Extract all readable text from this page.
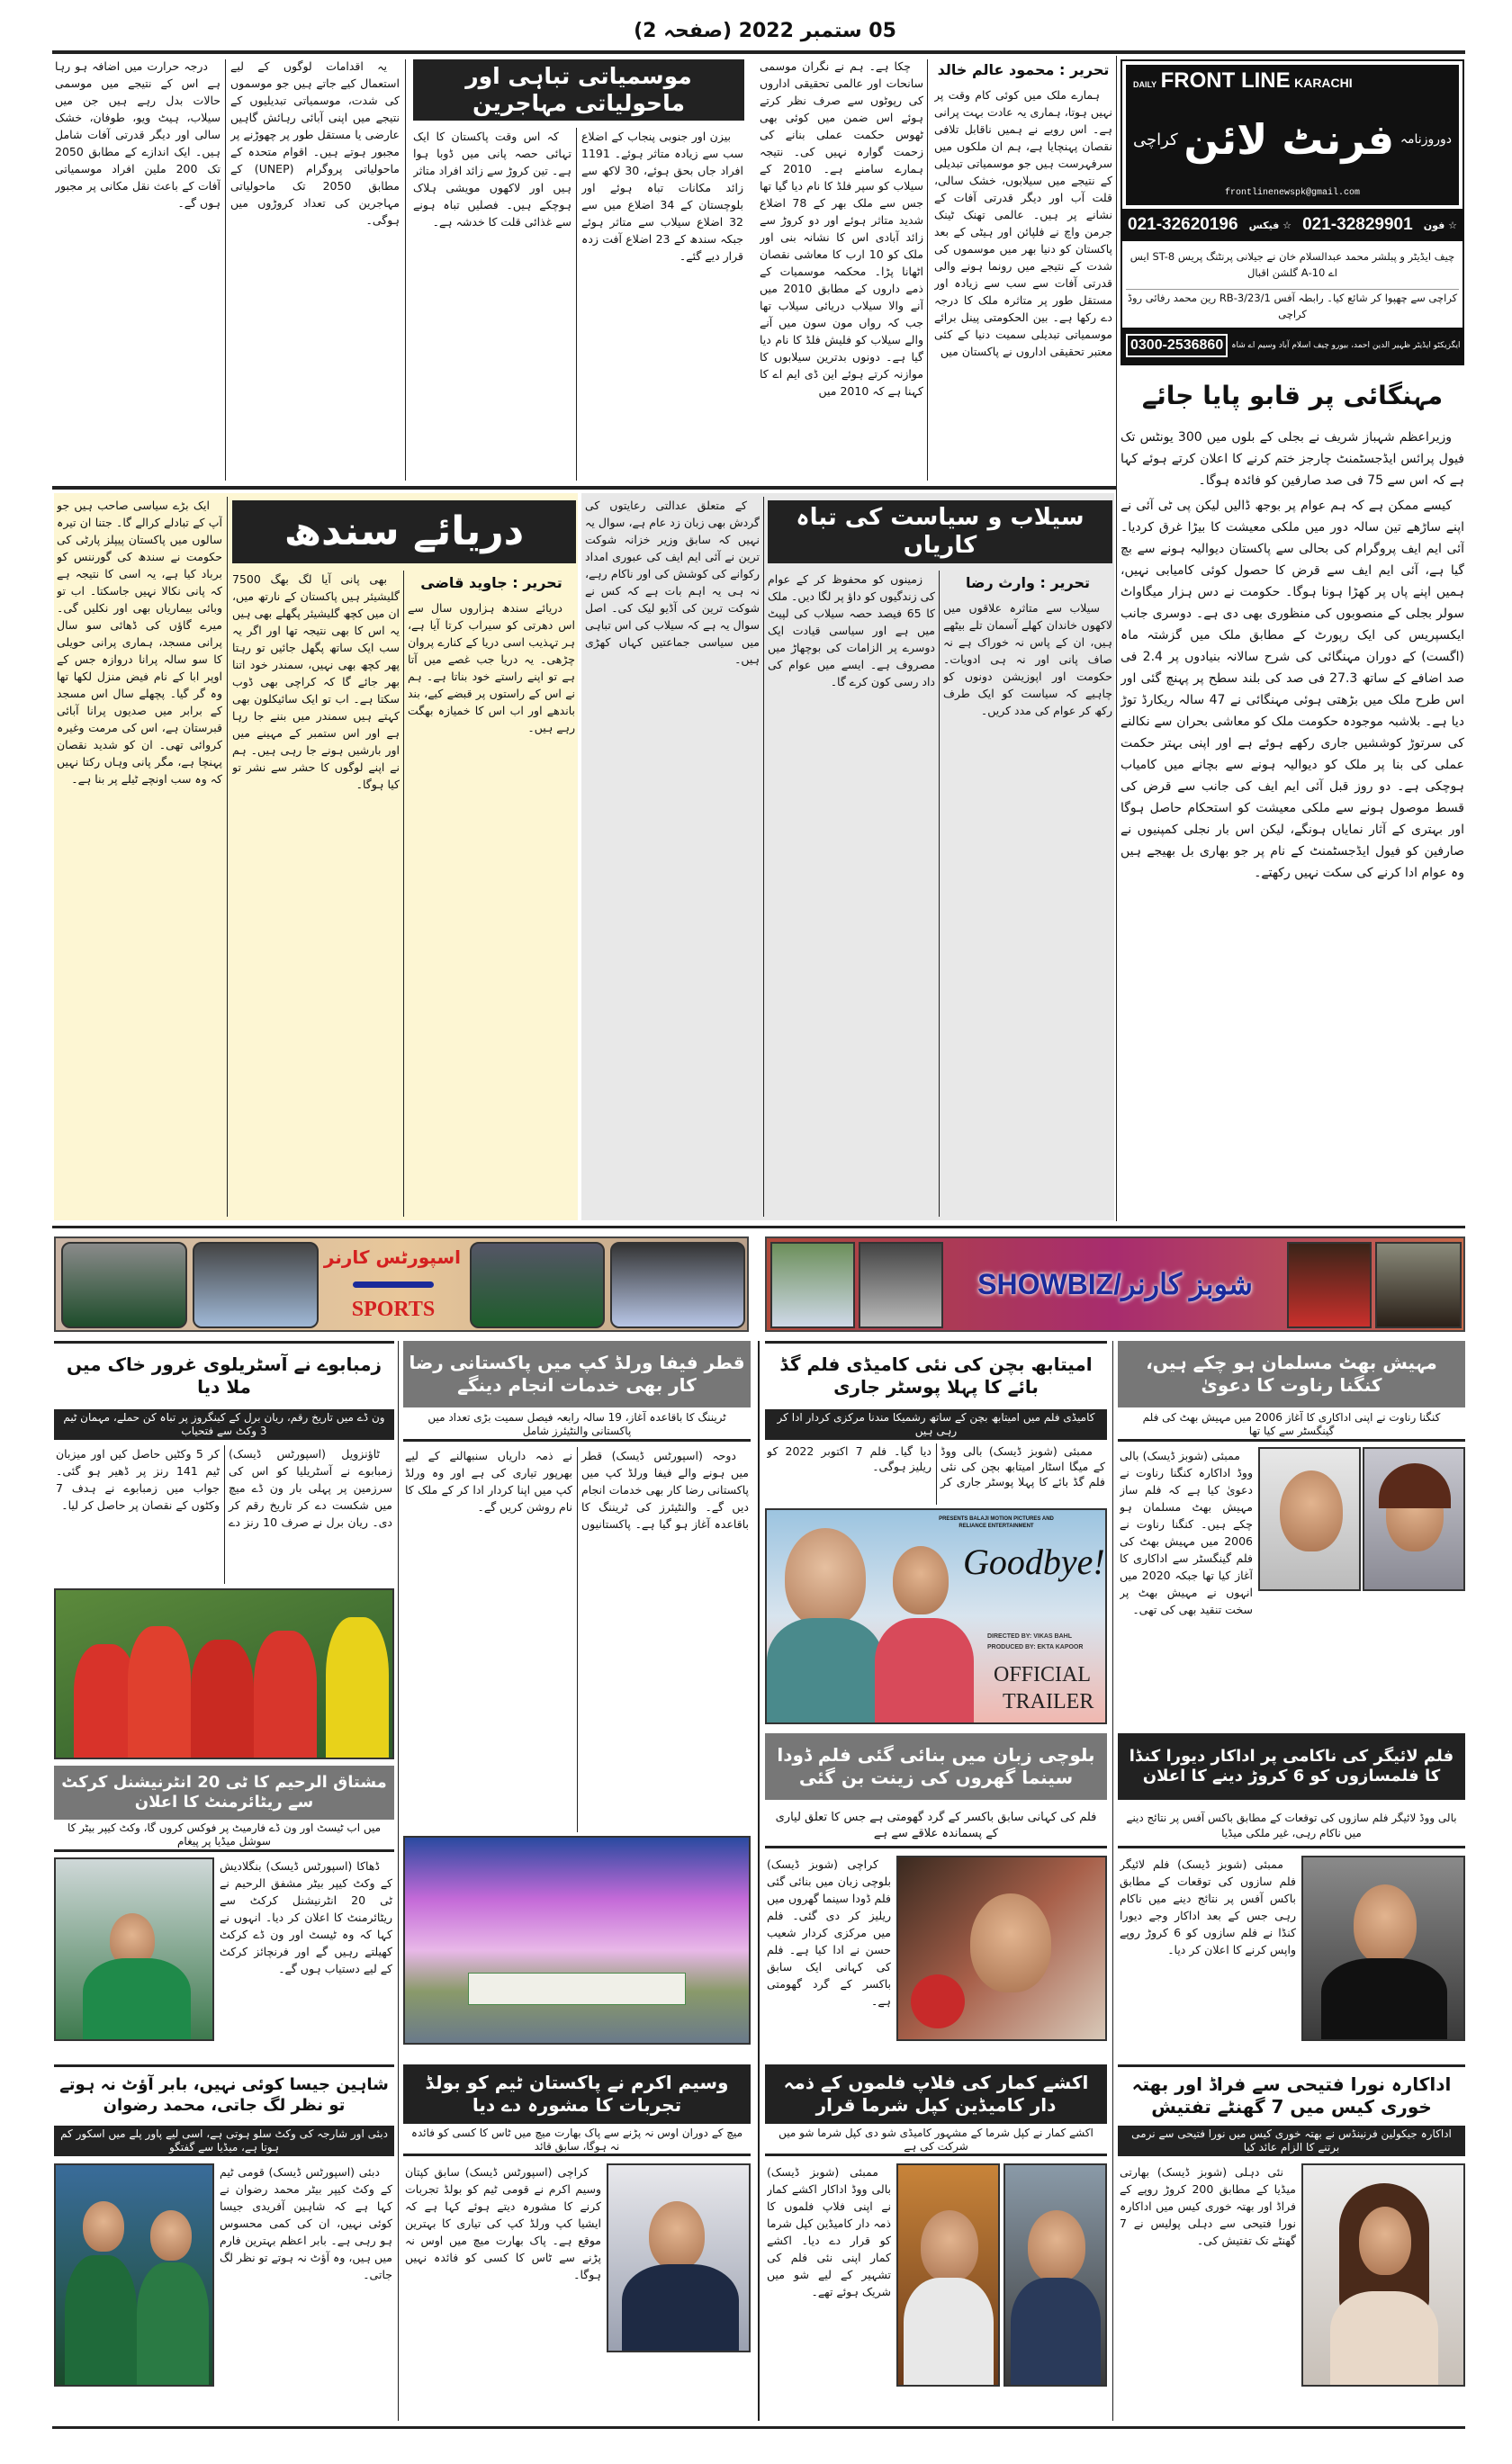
05 ستمبر 2022 (صفحہ 2)
DAILY FRONT LINE KARACHI
کراچی فرنٹ لائن دوروزنامہ
frontlinenewspk@gmail.com
021-32620196 فیکس ☆ 021-32829901 فون ☆
چیف ایڈیٹر و پبلشر محمد عبدالسلام خان نے جیلانی پرنٹنگ پریس ST-8 ایس اے 10-A گلشن اقبال
کراچی سے چھپوا کر شائع کیا۔ رابطہ آفس RB-3/23/1 رین محمد رفائی روڈ کراچی
0300-2536860	ایگزیکٹو ایڈیٹر ظہیر الدین احمد، بیورو چیف اسلام آباد وسیم اے شاہ
مہنگائی پر قابو پایا جائے

وزیراعظم شہباز شریف نے بجلی کے بلوں میں 300 یونٹس تک فیول پرائس ایڈجسٹمنٹ چارجز ختم کرنے کا اعلان کرتے ہوئے کہا ہے کہ اس سے 75 فی صد صارفین کو فائدہ ہوگا۔

کیسے ممکن ہے کہ ہم عوام پر بوجھ ڈالیں لیکن پی ٹی آئی نے اپنے ساڑھے تین سالہ دور میں ملکی معیشت کا بیڑا غرق کردیا۔ آئی ایم ایف پروگرام کی بحالی سے پاکستان دیوالیہ ہونے سے بچ گیا ہے، آئی ایم ایف سے قرض کا حصول کوئی کامیابی نہیں، ہمیں اپنے پاں پر کھڑا ہونا ہوگا۔ حکومت نے دس ہزار میگاواٹ سولر بجلی کے منصوبوں کی منظوری بھی دی ہے۔ دوسری جانب ایکسپریس کی ایک رپورٹ کے مطابق ملک میں گزشتہ ماہ (اگست) کے دوران مہنگائی کی شرح سالانہ بنیادوں پر 2.4 فی صد اضافے کے ساتھ 27.3 فی صد کی بلند سطح پر پہنچ گئی اور اس طرح ملک میں بڑھتی ہوئی مہنگائی نے 47 سالہ ریکارڈ توڑ دیا ہے۔ بلاشبہ موجودہ حکومت ملک کو معاشی بحران سے نکالنے کی سرتوڑ کوششیں جاری رکھے ہوئے ہے اور اپنی بہتر حکمت عملی کی بنا پر ملک کو دیوالیہ ہونے سے بچانے میں کامیاب ہوچکی ہے۔ دو روز قبل آئی ایم ایف کی جانب سے قرض کی قسط موصول ہونے سے ملکی معیشت کو استحکام حاصل ہوگا اور بہتری کے آثار نمایاں ہونگے، لیکن اس بار نجلی کمپنیوں نے صارفین کو فیول ایڈجسٹمنٹ کے نام پر جو بھاری بل بھیجے ہیں وہ عوام ادا کرنے کی سکت نہیں رکھتے۔

تحریر : محمود عالم خالد

ہمارے ملک میں کوئی کام وقت پر نہیں ہوتا، ہماری یہ عادت بہت پرانی ہے۔ اس رویے نے ہمیں ناقابل تلافی نقصان پہنچایا ہے، ہم ان ملکوں میں سرفہرست ہیں جو موسمیاتی تبدیلی کے نتیجے میں سیلابوں، خشک سالی، قلت آب اور دیگر قدرتی آفات کے نشانے پر ہیں۔ عالمی تھنک ٹینک جرمن واچ نے فلپائن اور ہیٹی کے بعد پاکستان کو دنیا بھر میں موسموں کی شدت کے نتیجے میں رونما ہونے والی قدرتی آفات سے سب سے زیادہ اور مستقل طور پر متاثرہ ملک کا درجہ دے رکھا ہے۔ بین الحکومتی پینل برائے موسمیاتی تبدیلی سمیت دنیا کے کئی معتبر تحقیقی اداروں نے پاکستان میں

چکا ہے۔ ہم نے نگران موسمی سانحات اور عالمی تحقیقی اداروں کی رپوٹوں سے صرف نظر کرتے ہوئے اس ضمن میں کوئی بھی ٹھوس حکمت عملی بنانے کی زحمت گوارہ نہیں کی۔ نتیجہ ہمارے سامنے ہے۔ 2010 کے سیلاب کو سپر فلڈ کا نام دیا گیا تھا جس سے ملک بھر کے 78 اضلاع شدید متاثر ہوئے اور دو کروڑ سے زائد آبادی اس کا نشانہ بنی اور ملک کو 10 ارب کا معاشی نقصان اٹھانا پڑا۔ محکمہ موسمیات کے ذمے داروں کے مطابق 2010 میں آنے والا سیلاب دریائی سیلاب تھا جب کہ رواں مون سون میں آنے والے سیلاب کو فلیش فلڈ کا نام دیا گیا ہے۔ دونوں بدترین سیلابوں کا موازنہ کرتے ہوئے این ڈی ایم اے کا کہنا ہے کہ 2010 میں

موسمیاتی تباہی اور ماحولیاتی مہاجرین

بیزن اور جنوبی پنجاب کے اضلاع سب سے زیادہ متاثر ہوئے۔ 1191 افراد جاں بحق ہوئے، 30 لاکھ سے زائد مکانات تباہ ہوئے اور بلوچستان کے 34 اضلاع میں سے 32 اضلاع سیلاب سے متاثر ہوئے جبکہ سندھ کے 23 اضلاع آفت زدہ قرار دیے گئے۔

کہ اس وقت پاکستان کا ایک تہائی حصہ پانی میں ڈوبا ہوا ہے۔ تین کروڑ سے زائد افراد متاثر ہیں اور لاکھوں مویشی ہلاک ہوچکے ہیں۔ فصلیں تباہ ہونے سے غذائی قلت کا خدشہ ہے۔

یہ اقدامات لوگوں کے لیے استعمال کیے جاتے ہیں جو موسموں کی شدت، موسمیاتی تبدیلیوں کے نتیجے میں اپنی آبائی رہائش گاہیں عارضی یا مستقل طور پر چھوڑنے پر مجبور ہوتے ہیں۔ اقوام متحدہ کے ماحولیاتی پروگرام (UNEP) کے مطابق 2050 تک ماحولیاتی مہاجرین کی تعداد کروڑوں میں ہوگی۔

درجہ حرارت میں اضافہ ہو رہا ہے اس کے نتیجے میں موسمی حالات بدل رہے ہیں جن میں سیلاب، ہیٹ ویو، طوفان، خشک سالی اور دیگر قدرتی آفات شامل ہیں۔ ایک اندازے کے مطابق 2050 تک 200 ملین افراد موسمیاتی آفات کے باعث نقل مکانی پر مجبور ہوں گے۔

ایک بڑے سیاسی صاحب ہیں جو آپ کے تبادلے کرالے گا۔ جتنا ان تیرہ سالوں میں پاکستان پیپلز پارٹی کی حکومت نے سندھ کی گورننس کو برباد کیا ہے، یہ اسی کا نتیجہ ہے کہ پانی نکالا نہیں جاسکتا۔ اب تو وبائی بیماریاں بھی اور نکلیں گی۔ میرے گاؤں کی ڈھائی سو سال پرانی مسجد، ہماری پرانی حویلی کا سو سالہ پرانا دروازہ جس کے اوپر ابا کے نام فیض منزل لکھا تھا وہ گر گیا۔ پچھلے سال اس مسجد کے برابر میں صدیوں پرانا آبائی قبرستان ہے، اس کی مرمت وغیرہ کروائی تھی۔ ان کو شدید نقصان پہنچا ہے، مگر پانی وہاں رکتا نہیں کہ وہ سب اونچے ٹیلے پر بنا ہے۔

دریائے سندھ

بھی پانی آیا لگ بھگ 7500 گلیشیئر ہیں پاکستان کے نارتھ میں، ان میں کچھ گلیشیئر پگھلے بھی ہیں یہ اس کا بھی نتیجہ تھا اور اگر یہ سب ایک ساتھ پگھل جائیں تو رہتا پھر کچھ بھی نہیں، سمندر خود اتنا بھر جائے گا کہ کراچی بھی ڈوب سکتا ہے۔ اب تو ایک سائیکلون بھی کہتے ہیں سمندر میں بننے جا رہا ہے اور اس ستمبر کے مہینے میں اور بارشیں ہونے جا رہی ہیں۔ ہم نے اپنے لوگوں کا حشر سے نشر تو کیا ہوگا۔

تحریر : جاوید قاضی

دریائے سندھ ہزاروں سال سے اس دھرتی کو سیراب کرتا آیا ہے، ہر تہذیب اسی دریا کے کنارے پروان چڑھی۔ یہ دریا جب غصے میں آتا ہے تو اپنے راستے خود بناتا ہے۔ ہم نے اس کے راستوں پر قبضے کیے، بند باندھے اور اب اس کا خمیازہ بھگت رہے ہیں۔

کے متعلق عدالتی رعایتوں کی گردش بھی زبان زد عام ہے، سوال یہ نہیں کہ سابق وزیر خزانہ شوکت ترین نے آئی ایم ایف کی عبوری امداد رکوانے کی کوشش کی اور ناکام رہے، نہ ہی یہ اہم بات ہے کہ کس نے شوکت ترین کی آڈیو لیک کی۔ اصل سوال یہ ہے کہ سیلاب کی اس تباہی میں سیاسی جماعتیں کہاں کھڑی ہیں۔

سیلاب و سیاست کی تباہ کاریاں

زمینوں کو محفوظ کر کے عوام کی زندگیوں کو داؤ پر لگا دیں۔ ملک کا 65 فیصد حصہ سیلاب کی لپیٹ میں ہے اور سیاسی قیادت ایک دوسرے پر الزامات کی بوچھاڑ میں مصروف ہے۔ ایسے میں عوام کی داد رسی کون کرے گا۔

تحریر : وارث رضا

سیلاب سے متاثرہ علاقوں میں لاکھوں خاندان کھلے آسمان تلے بیٹھے ہیں، ان کے پاس نہ خوراک ہے نہ صاف پانی اور نہ ہی ادویات۔ حکومت اور اپوزیشن دونوں کو چاہیے کہ سیاست کو ایک طرف رکھ کر عوام کی مدد کریں۔

اسپورٹس کارنر
SPORTS
شوبز کارنر/SHOWBIZ
زمبابوے نے آسٹریلوی غرور خاک میں ملا دیا
ون ڈے میں تاریخ رقم، ریان برل کے کینگروز پر تباہ کن حملے، مہمان ٹیم 3 وکٹ سے فتحیاب

ٹاؤنزویل (اسپورٹس ڈیسک) زمبابوے نے آسٹریلیا کو اس کی سرزمین پر پہلی بار ون ڈے میچ میں شکست دے کر تاریخ رقم کر دی۔ ریان برل نے صرف 10 رنز دے کر 5 وکٹیں حاصل کیں اور میزبان ٹیم 141 رنز پر ڈھیر ہو گئی۔ جواب میں زمبابوے نے ہدف 7 وکٹوں کے نقصان پر حاصل کر لیا۔

مشتاق الرحیم کا ٹی 20 انٹرنیشنل کرکٹ سے ریٹائرمنٹ کا اعلان
میں اب ٹیسٹ اور ون ڈے فارمیٹ پر فوکس کروں گا، وکٹ کیپر بیٹر کا سوشل میڈیا پر پیغام

ڈھاکا (اسپورٹس ڈیسک) بنگلادیش کے وکٹ کیپر بیٹر مشفق الرحیم نے ٹی 20 انٹرنیشنل کرکٹ سے ریٹائرمنٹ کا اعلان کر دیا۔ انہوں نے کہا کہ وہ ٹیسٹ اور ون ڈے کرکٹ کھیلتے رہیں گے اور فرنچائز کرکٹ کے لیے دستیاب ہوں گے۔

شاہین جیسا کوئی نہیں، بابر آؤٹ نہ ہوتے تو نظر لگ جاتی، محمد رضوان
دبئی اور شارجہ کی وکٹ سلو ہوتی ہے، اسی لیے پاور پلے میں اسکور کم ہوتا ہے، میڈیا سے گفتگو

دبئی (اسپورٹس ڈیسک) قومی ٹیم کے وکٹ کیپر بیٹر محمد رضوان نے کہا ہے کہ شاہین آفریدی جیسا کوئی نہیں، ان کی کمی محسوس ہو رہی ہے۔ بابر اعظم بہترین فارم میں ہیں، وہ آؤٹ نہ ہوتے تو نظر لگ جاتی۔

قطر فیفا ورلڈ کپ میں پاکستانی رضا کار بھی خدمات انجام دینگے
ٹریننگ کا باقاعدہ آغاز، 19 سالہ رابعہ فیصل سمیت بڑی تعداد میں پاکستانی والنٹیئرز شامل

دوحہ (اسپورٹس ڈیسک) قطر میں ہونے والے فیفا ورلڈ کپ میں پاکستانی رضا کار بھی خدمات انجام دیں گے۔ والنٹیئرز کی ٹریننگ کا باقاعدہ آغاز ہو گیا ہے۔ پاکستانیوں نے ذمہ داریاں سنبھالنے کے لیے بھرپور تیاری کی ہے اور وہ ورلڈ کپ میں اپنا کردار ادا کر کے ملک کا نام روشن کریں گے۔

وسیم اکرم نے پاکستان ٹیم کو بولڈ تجربات کا مشورہ دے دیا
میچ کے دوران اوس نہ پڑنے سے پاک بھارت میچ میں ٹاس کا کسی کو فائدہ نہ ہوگا، سابق قائد

کراچی (اسپورٹس ڈیسک) سابق کپتان وسیم اکرم نے قومی ٹیم کو بولڈ تجربات کرنے کا مشورہ دیتے ہوئے کہا ہے کہ ایشیا کپ ورلڈ کپ کی تیاری کا بہترین موقع ہے۔ پاک بھارت میچ میں اوس نہ پڑنے سے ٹاس کا کسی کو فائدہ نہیں ہوگا۔

امیتابھ بچن کی نئی کامیڈی فلم گڈ بائے کا پہلا پوسٹر جاری
کامیڈی فلم میں امیتابھ بچن کے ساتھ رشمیکا مندنا مرکزی کردار ادا کر رہی ہیں

ممبئی (شوبز ڈیسک) بالی ووڈ کے میگا اسٹار امیتابھ بچن کی نئی فلم گڈ بائے کا پہلا پوسٹر جاری کر دیا گیا۔ فلم 7 اکتوبر 2022 کو ریلیز ہوگی۔

PRESENTS BALAJI MOTION PICTURES AND RELIANCE ENTERTAINMENT
Goodbye!
DIRECTED BY: VIKAS BAHL
PRODUCED BY: EKTA KAPOOR
OFFICIAL
TRAILER
بلوچی زبان میں بنائی گئی فلم ڈودا سینما گھروں کی زینت بن گئی
فلم کی کہانی سابق باکسر کے گرد گھومتی ہے جس کا تعلق لیاری کے پسماندہ علاقے سے ہے

کراچی (شوبز ڈیسک) بلوچی زبان میں بنائی گئی فلم ڈودا سینما گھروں میں ریلیز کر دی گئی۔ فلم میں مرکزی کردار شعیب حسن نے ادا کیا ہے۔ فلم کی کہانی ایک سابق باکسر کے گرد گھومتی ہے۔

اکشے کمار کی فلاپ فلموں کے ذمہ دار کامیڈین کپل شرما قرار
اکشے کمار نے کپل شرما کے مشہور کامیڈی شو دی کپل شرما شو میں شرکت کی ہے

ممبئی (شوبز ڈیسک) بالی ووڈ اداکار اکشے کمار نے اپنی فلاپ فلموں کا ذمہ دار کامیڈین کپل شرما کو قرار دے دیا۔ اکشے کمار اپنی نئی فلم کی تشہیر کے لیے شو میں شریک ہوئے تھے۔

مہیش بھٹ مسلمان ہو چکے ہیں، کنگنا رناوت کا دعویٰ
کنگنا رناوت نے اپنی اداکاری کا آغاز 2006 میں مہیش بھٹ کی فلم گینگسٹر سے کیا تھا

ممبئی (شوبز ڈیسک) بالی ووڈ اداکارہ کنگنا رناوت نے دعویٰ کیا ہے کہ فلم ساز مہیش بھٹ مسلمان ہو چکے ہیں۔ کنگنا رناوت نے 2006 میں مہیش بھٹ کی فلم گینگسٹر سے اداکاری کا آغاز کیا تھا جبکہ 2020 میں انہوں نے مہیش بھٹ پر سخت تنقید بھی کی تھی۔

فلم لائیگر کی ناکامی پر اداکار دیورا کنڈا کا فلمسازوں کو 6 کروڑ دینے کا اعلان
بالی ووڈ لائیگر فلم سازوں کی توقعات کے مطابق باکس آفس پر نتائج دینے میں ناکام رہی، غیر ملکی میڈیا

ممبئی (شوبز ڈیسک) فلم لائیگر فلم سازوں کی توقعات کے مطابق باکس آفس پر نتائج دینے میں ناکام رہی جس کے بعد اداکار وجے دیورا کنڈا نے فلم سازوں کو 6 کروڑ روپے واپس کرنے کا اعلان کر دیا۔

اداکارہ نورا فتیحی سے فراڈ اور بھتہ خوری کیس میں 7 گھنٹے تفتیش
اداکارہ جیکولین فرنینڈس نے بھتہ خوری کیس میں نورا فتیحی سے نرمی برتنے کا الزام عائد کیا

نئی دہلی (شوبز ڈیسک) بھارتی میڈیا کے مطابق 200 کروڑ روپے کے فراڈ اور بھتہ خوری کیس میں اداکارہ نورا فتیحی سے دہلی پولیس نے 7 گھنٹے تک تفتیش کی۔
